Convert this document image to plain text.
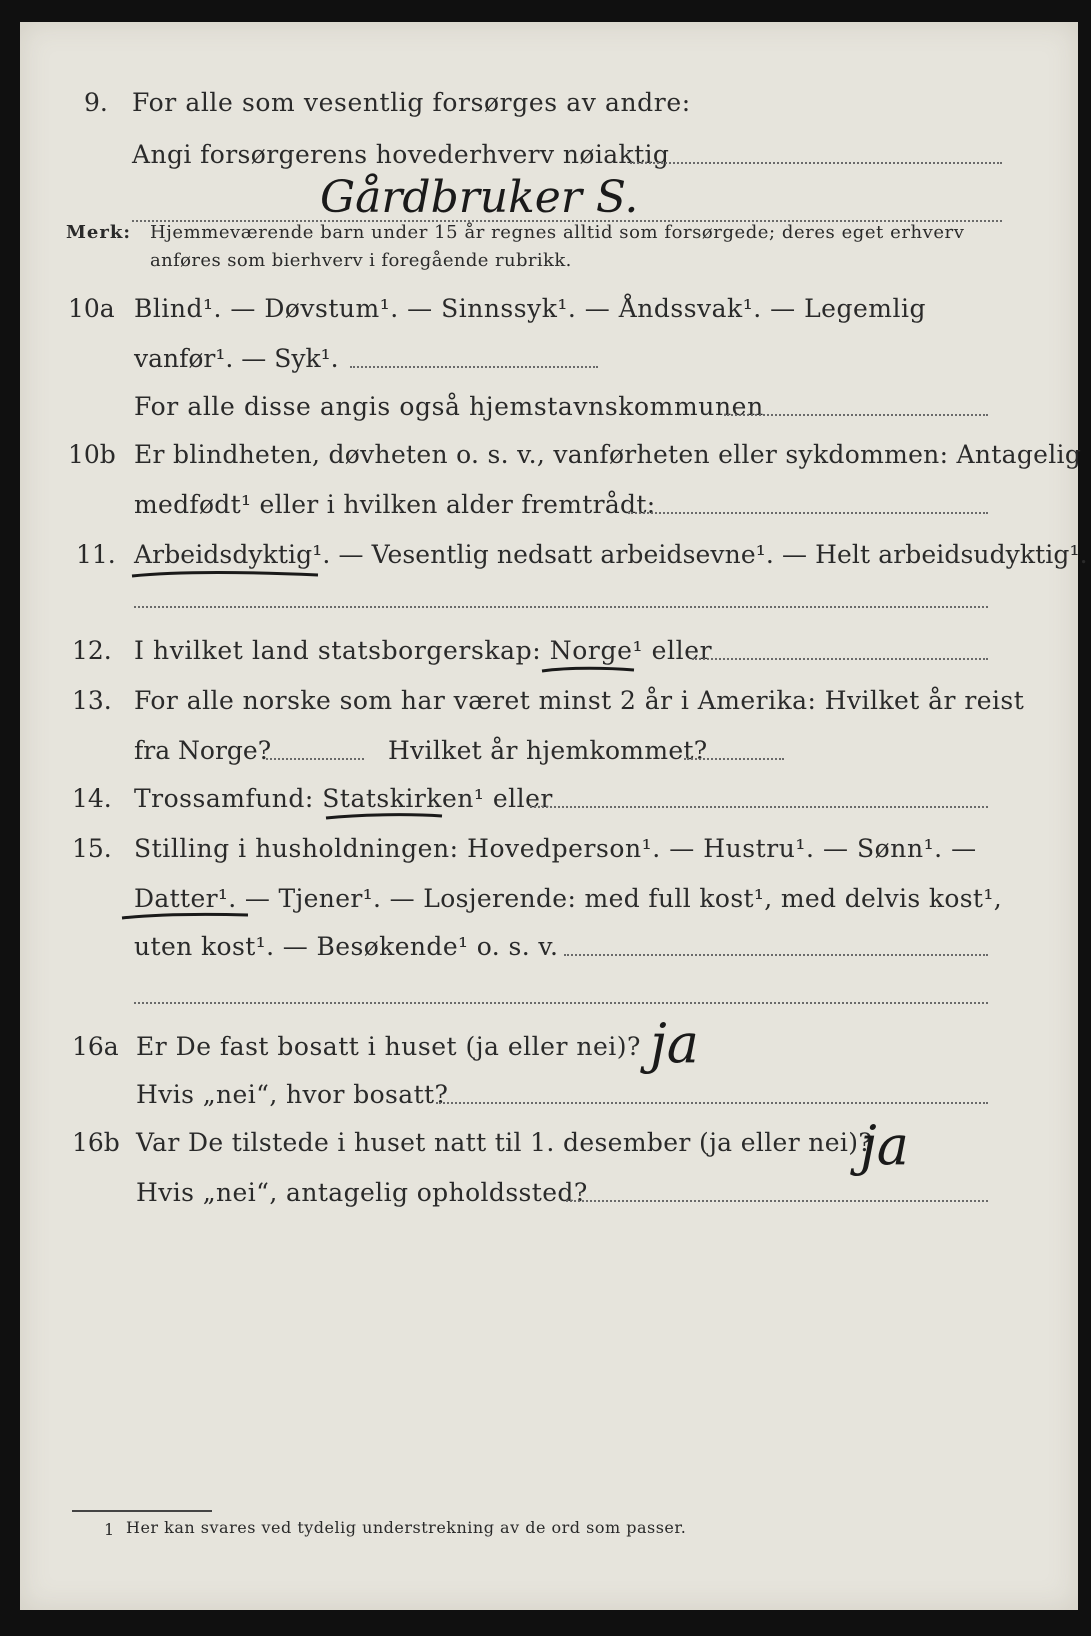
9. For alle som vesentlig forsørges av andre:
Angi forsørgerens hovederhverv nøiaktig
Gårdbruker S.
Merk: Hjemmeværende barn under 15 år regnes alltid som forsørgede; deres eget erhverv
anføres som bierhverv i foregående rubrikk.
10a Blind¹. — Døvstum¹. — Sinnssyk¹. — Åndssvak¹. — Legemlig
vanfør¹. — Syk¹.
For alle disse angis også hjemstavnskommunen
10b Er blindheten, døvheten o. s. v., vanførheten eller sykdommen: Antagelig
medfødt¹ eller i hvilken alder fremtrådt:
11. Arbeidsdyktig¹. — Vesentlig nedsatt arbeidsevne¹. — Helt arbeidsudyktig¹.
12. I hvilket land statsborgerskap: Norge¹ eller
13. For alle norske som har været minst 2 år i Amerika: Hvilket år reist
fra Norge?	Hvilket år hjemkommet?
14. Trossamfund: Statskirken¹ eller
15. Stilling i husholdningen: Hovedperson¹. — Hustru¹. — Sønn¹. —
Datter¹. — Tjener¹. — Losjerende: med full kost¹, med delvis kost¹,
uten kost¹. — Besøkende¹ o. s. v.
16a Er De fast bosatt i huset (ja eller nei)? ja
Hvis „nei“, hvor bosatt?
16b Var De tilstede i huset natt til 1. desember (ja eller nei)?
ja
Hvis „nei“, antagelig opholdssted?
1 Her kan svares ved tydelig understrekning av de ord som passer.
